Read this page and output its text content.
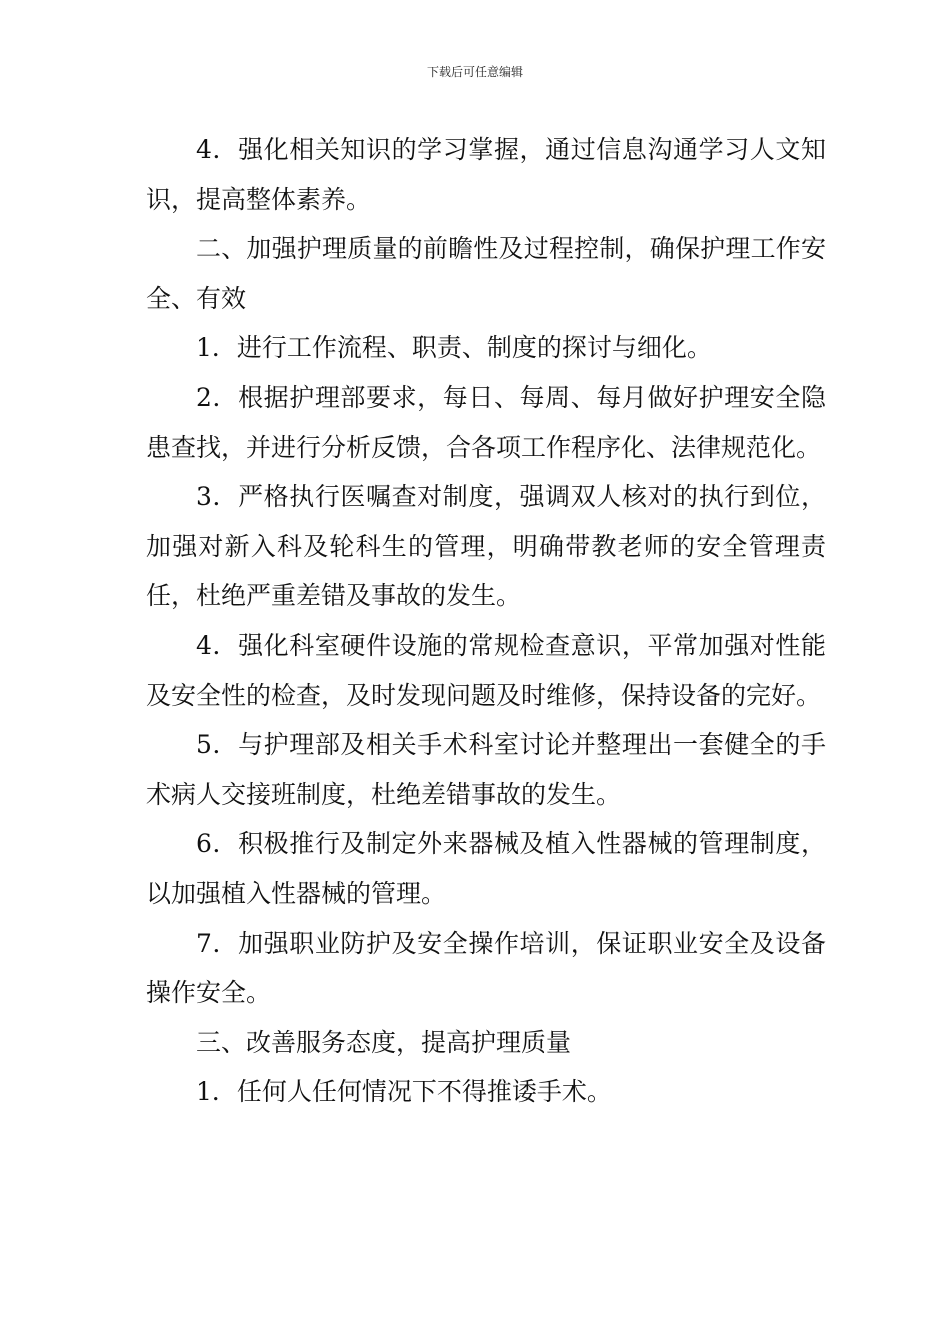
下载后可任意编辑

4．强化相关知识的学习掌握，通过信息沟通学习人文知识，提高整体素养。

二、加强护理质量的前瞻性及过程控制，确保护理工作安全、有效

1．进行工作流程、职责、制度的探讨与细化。

2．根据护理部要求，每日、每周、每月做好护理安全隐患查找，并进行分析反馈，合各项工作程序化、法律规范化。

3．严格执行医嘱查对制度，强调双人核对的执行到位，加强对新入科及轮科生的管理，明确带教老师的安全管理责任，杜绝严重差错及事故的发生。

4．强化科室硬件设施的常规检查意识，平常加强对性能及安全性的检查，及时发现问题及时维修，保持设备的完好。

5．与护理部及相关手术科室讨论并整理出一套健全的手术病人交接班制度，杜绝差错事故的发生。

6．积极推行及制定外来器械及植入性器械的管理制度，以加强植入性器械的管理。

7．加强职业防护及安全操作培训，保证职业安全及设备操作安全。

三、改善服务态度，提高护理质量

1．任何人任何情况下不得推诿手术。
